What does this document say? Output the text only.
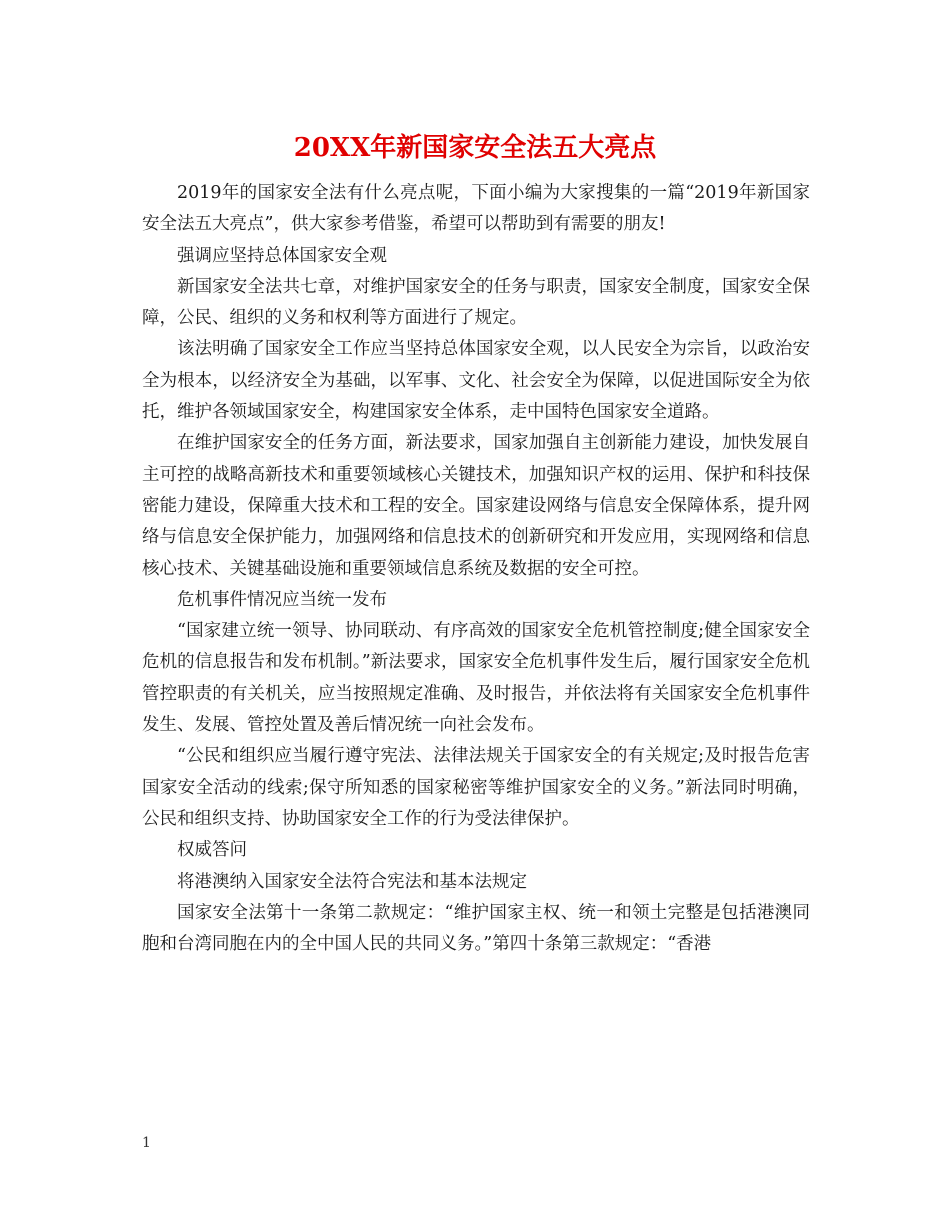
20XX年新国家安全法五大亮点

2019年的国家安全法有什么亮点呢，下面小编为大家搜集的一篇“2019年新国家安全法五大亮点”，供大家参考借鉴，希望可以帮助到有需要的朋友!

强调应坚持总体国家安全观

新国家安全法共七章，对维护国家安全的任务与职责，国家安全制度，国家安全保障，公民、组织的义务和权利等方面进行了规定。

该法明确了国家安全工作应当坚持总体国家安全观，以人民安全为宗旨，以政治安全为根本，以经济安全为基础，以军事、文化、社会安全为保障，以促进国际安全为依托，维护各领域国家安全，构建国家安全体系，走中国特色国家安全道路。

在维护国家安全的任务方面，新法要求，国家加强自主创新能力建设，加快发展自主可控的战略高新技术和重要领域核心关键技术，加强知识产权的运用、保护和科技保密能力建设，保障重大技术和工程的安全。国家建设网络与信息安全保障体系，提升网络与信息安全保护能力，加强网络和信息技术的创新研究和开发应用，实现网络和信息核心技术、关键基础设施和重要领域信息系统及数据的安全可控。

危机事件情况应当统一发布

“国家建立统一领导、协同联动、有序高效的国家安全危机管控制度;健全国家安全危机的信息报告和发布机制。”新法要求，国家安全危机事件发生后，履行国家安全危机管控职责的有关机关，应当按照规定准确、及时报告，并依法将有关国家安全危机事件发生、发展、管控处置及善后情况统一向社会发布。

“公民和组织应当履行遵守宪法、法律法规关于国家安全的有关规定;及时报告危害国家安全活动的线索;保守所知悉的国家秘密等维护国家安全的义务。”新法同时明确，公民和组织支持、协助国家安全工作的行为受法律保护。

权威答问

将港澳纳入国家安全法符合宪法和基本法规定

国家安全法第十一条第二款规定：“维护国家主权、统一和领土完整是包括港澳同胞和台湾同胞在内的全中国人民的共同义务。”第四十条第三款规定：“香港

1
